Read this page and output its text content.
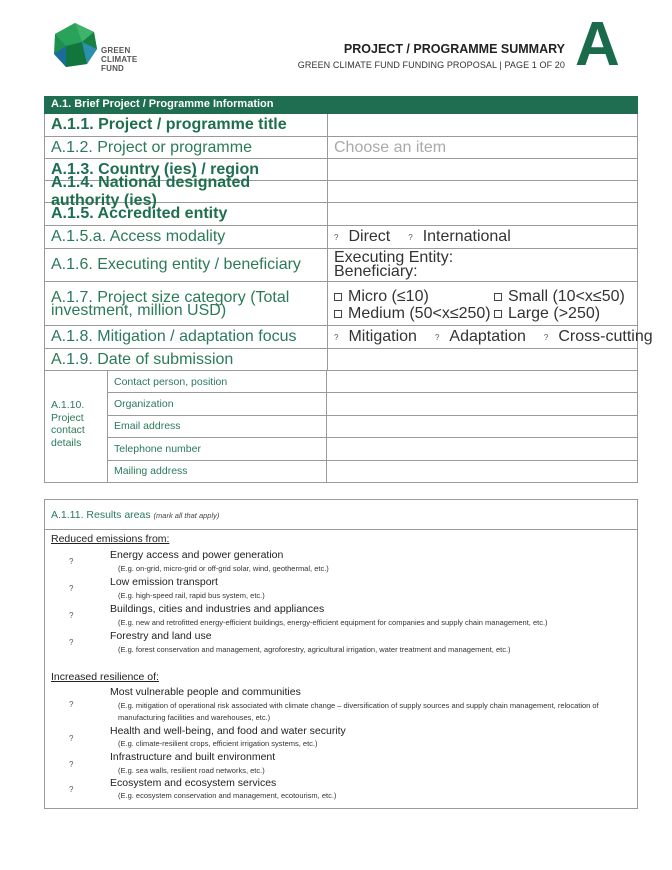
GREEN
CLIMATE
FUND
PROJECT / PROGRAMME SUMMARY
GREEN CLIMATE FUND FUNDING PROPOSAL | PAGE 1 OF 20 A
A.1. Brief Project / Programme Information
A.1.1. Project / programme title
A.1.2. Project or programme	Choose an item
A.1.3. Country (ies) / region
A.1.4. National designated authority (ies)
A.1.5. Accredited entity
A.1.5.a. Access modality	? Direct ? International
A.1.6. Executing entity / beneficiary	Executing Entity:
Beneficiary:
A.1.7. Project size category (Total investment, million USD)
Micro (≤10)	Small (10<x≤50)
Medium (50<x≤250)	Large (>250)
A.1.8. Mitigation / adaptation focus	? Mitigation ? Adaptation ? Cross-cutting
A.1.9. Date of submission
A.1.10.
Project
contact
details
Contact person, position
Organization
Email address
Telephone number
Mailing address
A.1.11. Results areas (mark all that apply)
Reduced emissions from:
?
Energy access and power generation
(E.g. on-grid, micro-grid or off-grid solar, wind, geothermal, etc.)
?
Low emission transport
(E.g. high-speed rail, rapid bus system, etc.)
?
Buildings, cities and industries and appliances
(E.g. new and retrofitted energy-efficient buildings, energy-efficient equipment for companies and supply chain management, etc.)
?
Forestry and land use
(E.g. forest conservation and management, agroforestry, agricultural irrigation, water treatment and management, etc.)
Increased resilience of:
?
Most vulnerable people and communities
(E.g. mitigation of operational risk associated with climate change – diversification of supply sources and supply chain management, relocation of manufacturing facilities and warehouses, etc.)
?
Health and well-being, and food and water security
(E.g. climate-resilient crops, efficient irrigation systems, etc.)
?
Infrastructure and built environment
(E.g. sea walls, resilient road networks, etc.)
?
Ecosystem and ecosystem services
(E.g. ecosystem conservation and management, ecotourism, etc.)
